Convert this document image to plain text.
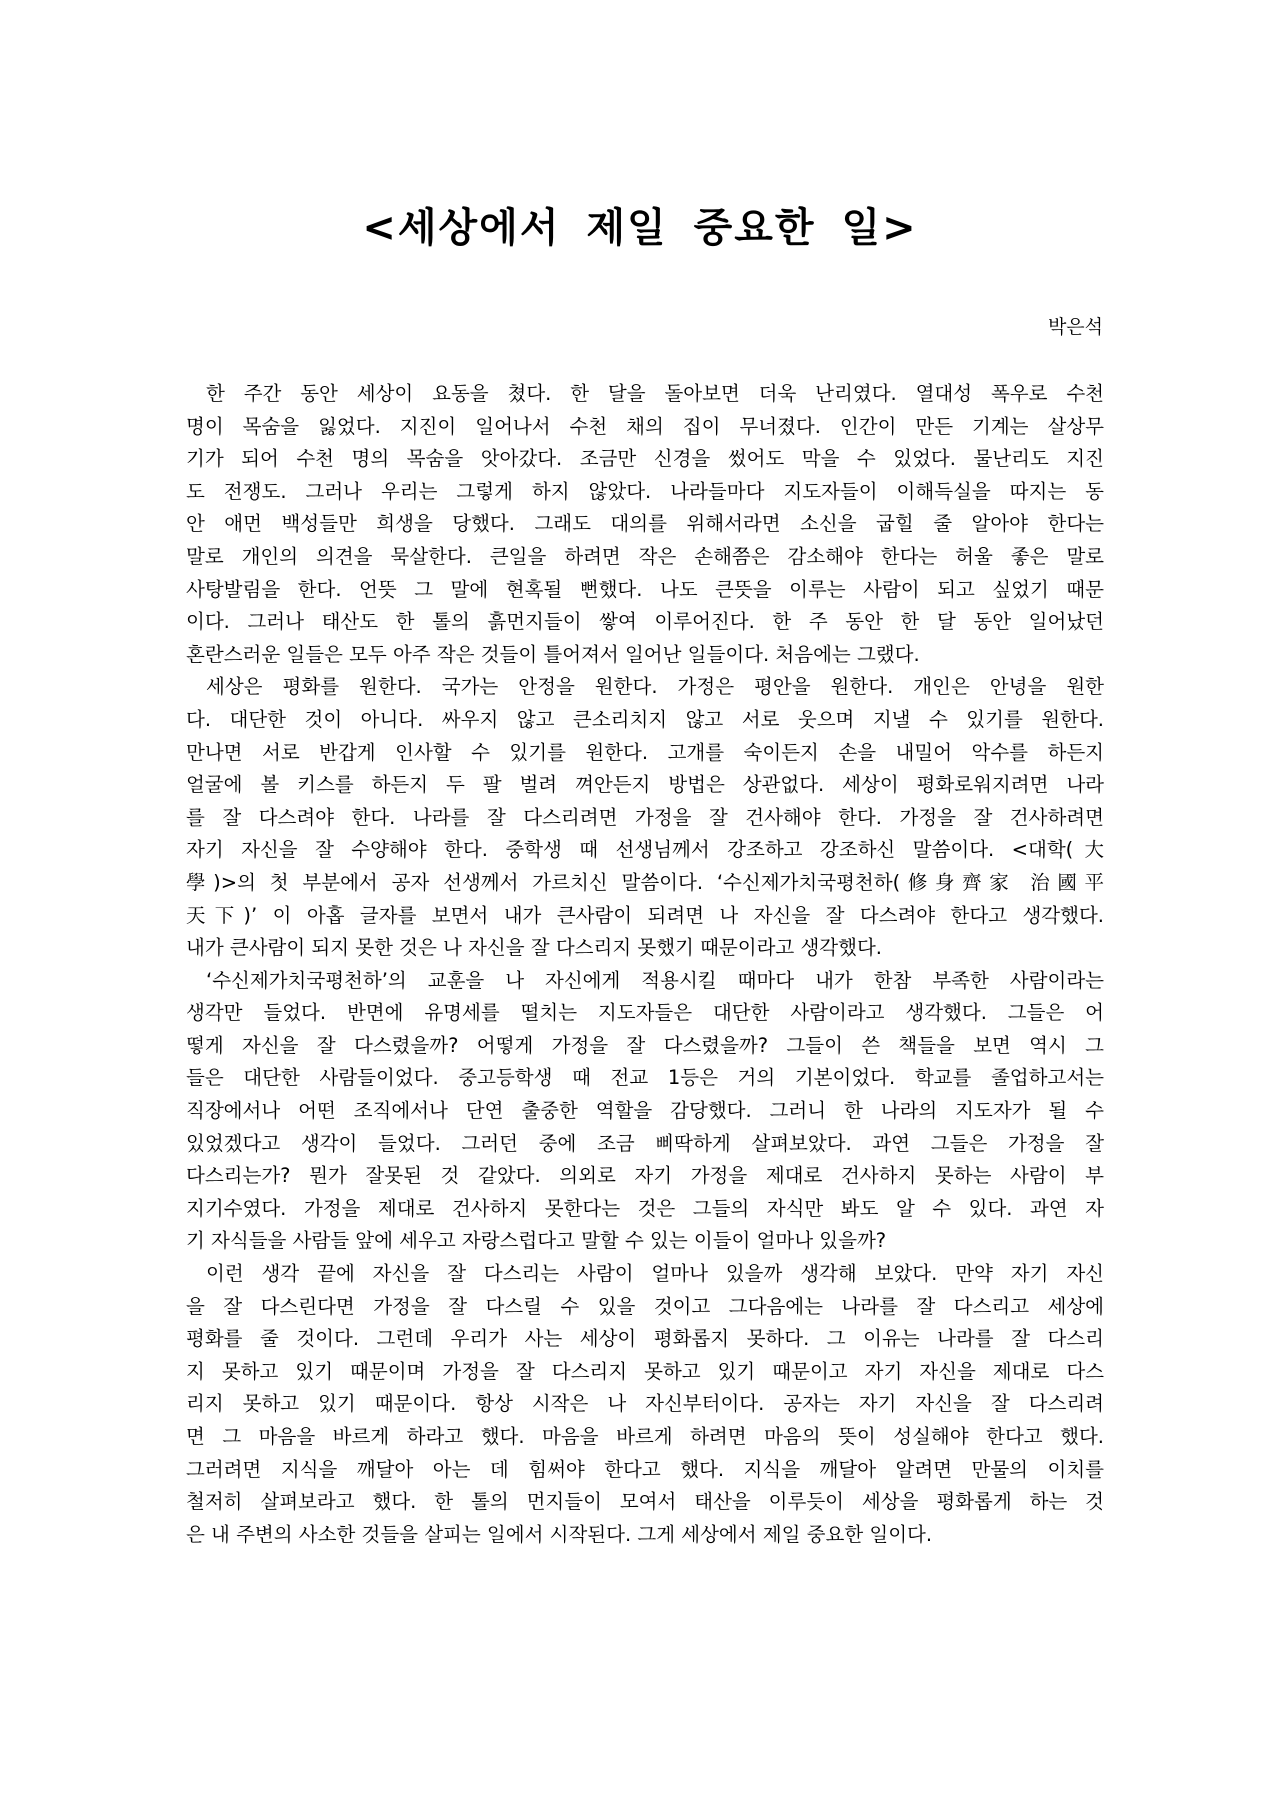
<세상에서 제일 중요한 일>
박은석
한 주간 동안 세상이 요동을 쳤다. 한 달을 돌아보면 더욱 난리였다. 열대성 폭우로 수천
명이 목숨을 잃었다. 지진이 일어나서 수천 채의 집이 무너졌다. 인간이 만든 기계는 살상무
기가 되어 수천 명의 목숨을 앗아갔다. 조금만 신경을 썼어도 막을 수 있었다. 물난리도 지진
도 전쟁도. 그러나 우리는 그렇게 하지 않았다. 나라들마다 지도자들이 이해득실을 따지는 동
안 애먼 백성들만 희생을 당했다. 그래도 대의를 위해서라면 소신을 굽힐 줄 알아야 한다는
말로 개인의 의견을 묵살한다. 큰일을 하려면 작은 손해쯤은 감소해야 한다는 허울 좋은 말로
사탕발림을 한다. 언뜻 그 말에 현혹될 뻔했다. 나도 큰뜻을 이루는 사람이 되고 싶었기 때문
이다. 그러나 태산도 한 톨의 흙먼지들이 쌓여 이루어진다. 한 주 동안 한 달 동안 일어났던
혼란스러운 일들은 모두 아주 작은 것들이 틀어져서 일어난 일들이다. 처음에는 그랬다.
세상은 평화를 원한다. 국가는 안정을 원한다. 가정은 평안을 원한다. 개인은 안녕을 원한
다. 대단한 것이 아니다. 싸우지 않고 큰소리치지 않고 서로 웃으며 지낼 수 있기를 원한다.
만나면 서로 반갑게 인사할 수 있기를 원한다. 고개를 숙이든지 손을 내밀어 악수를 하든지
얼굴에 볼 키스를 하든지 두 팔 벌려 껴안든지 방법은 상관없다. 세상이 평화로워지려면 나라
를 잘 다스려야 한다. 나라를 잘 다스리려면 가정을 잘 건사해야 한다. 가정을 잘 건사하려면
자기 자신을 잘 수양해야 한다. 중학생 때 선생님께서 강조하고 강조하신 말씀이다. <대학(大
學)>의 첫 부분에서 공자 선생께서 가르치신 말씀이다. ‘수신제가치국평천하(修身齊家 治國平
天下)’ 이 아홉 글자를 보면서 내가 큰사람이 되려면 나 자신을 잘 다스려야 한다고 생각했다.
내가 큰사람이 되지 못한 것은 나 자신을 잘 다스리지 못했기 때문이라고 생각했다.
‘수신제가치국평천하’의 교훈을 나 자신에게 적용시킬 때마다 내가 한참 부족한 사람이라는
생각만 들었다. 반면에 유명세를 떨치는 지도자들은 대단한 사람이라고 생각했다. 그들은 어
떻게 자신을 잘 다스렸을까? 어떻게 가정을 잘 다스렸을까? 그들이 쓴 책들을 보면 역시 그
들은 대단한 사람들이었다. 중고등학생 때 전교 1등은 거의 기본이었다. 학교를 졸업하고서는
직장에서나 어떤 조직에서나 단연 출중한 역할을 감당했다. 그러니 한 나라의 지도자가 될 수
있었겠다고 생각이 들었다. 그러던 중에 조금 삐딱하게 살펴보았다. 과연 그들은 가정을 잘
다스리는가? 뭔가 잘못된 것 같았다. 의외로 자기 가정을 제대로 건사하지 못하는 사람이 부
지기수였다. 가정을 제대로 건사하지 못한다는 것은 그들의 자식만 봐도 알 수 있다. 과연 자
기 자식들을 사람들 앞에 세우고 자랑스럽다고 말할 수 있는 이들이 얼마나 있을까?
이런 생각 끝에 자신을 잘 다스리는 사람이 얼마나 있을까 생각해 보았다. 만약 자기 자신
을 잘 다스린다면 가정을 잘 다스릴 수 있을 것이고 그다음에는 나라를 잘 다스리고 세상에
평화를 줄 것이다. 그런데 우리가 사는 세상이 평화롭지 못하다. 그 이유는 나라를 잘 다스리
지 못하고 있기 때문이며 가정을 잘 다스리지 못하고 있기 때문이고 자기 자신을 제대로 다스
리지 못하고 있기 때문이다. 항상 시작은 나 자신부터이다. 공자는 자기 자신을 잘 다스리려
면 그 마음을 바르게 하라고 했다. 마음을 바르게 하려면 마음의 뜻이 성실해야 한다고 했다.
그러려면 지식을 깨달아 아는 데 힘써야 한다고 했다. 지식을 깨달아 알려면 만물의 이치를
철저히 살펴보라고 했다. 한 톨의 먼지들이 모여서 태산을 이루듯이 세상을 평화롭게 하는 것
은 내 주변의 사소한 것들을 살피는 일에서 시작된다. 그게 세상에서 제일 중요한 일이다.
